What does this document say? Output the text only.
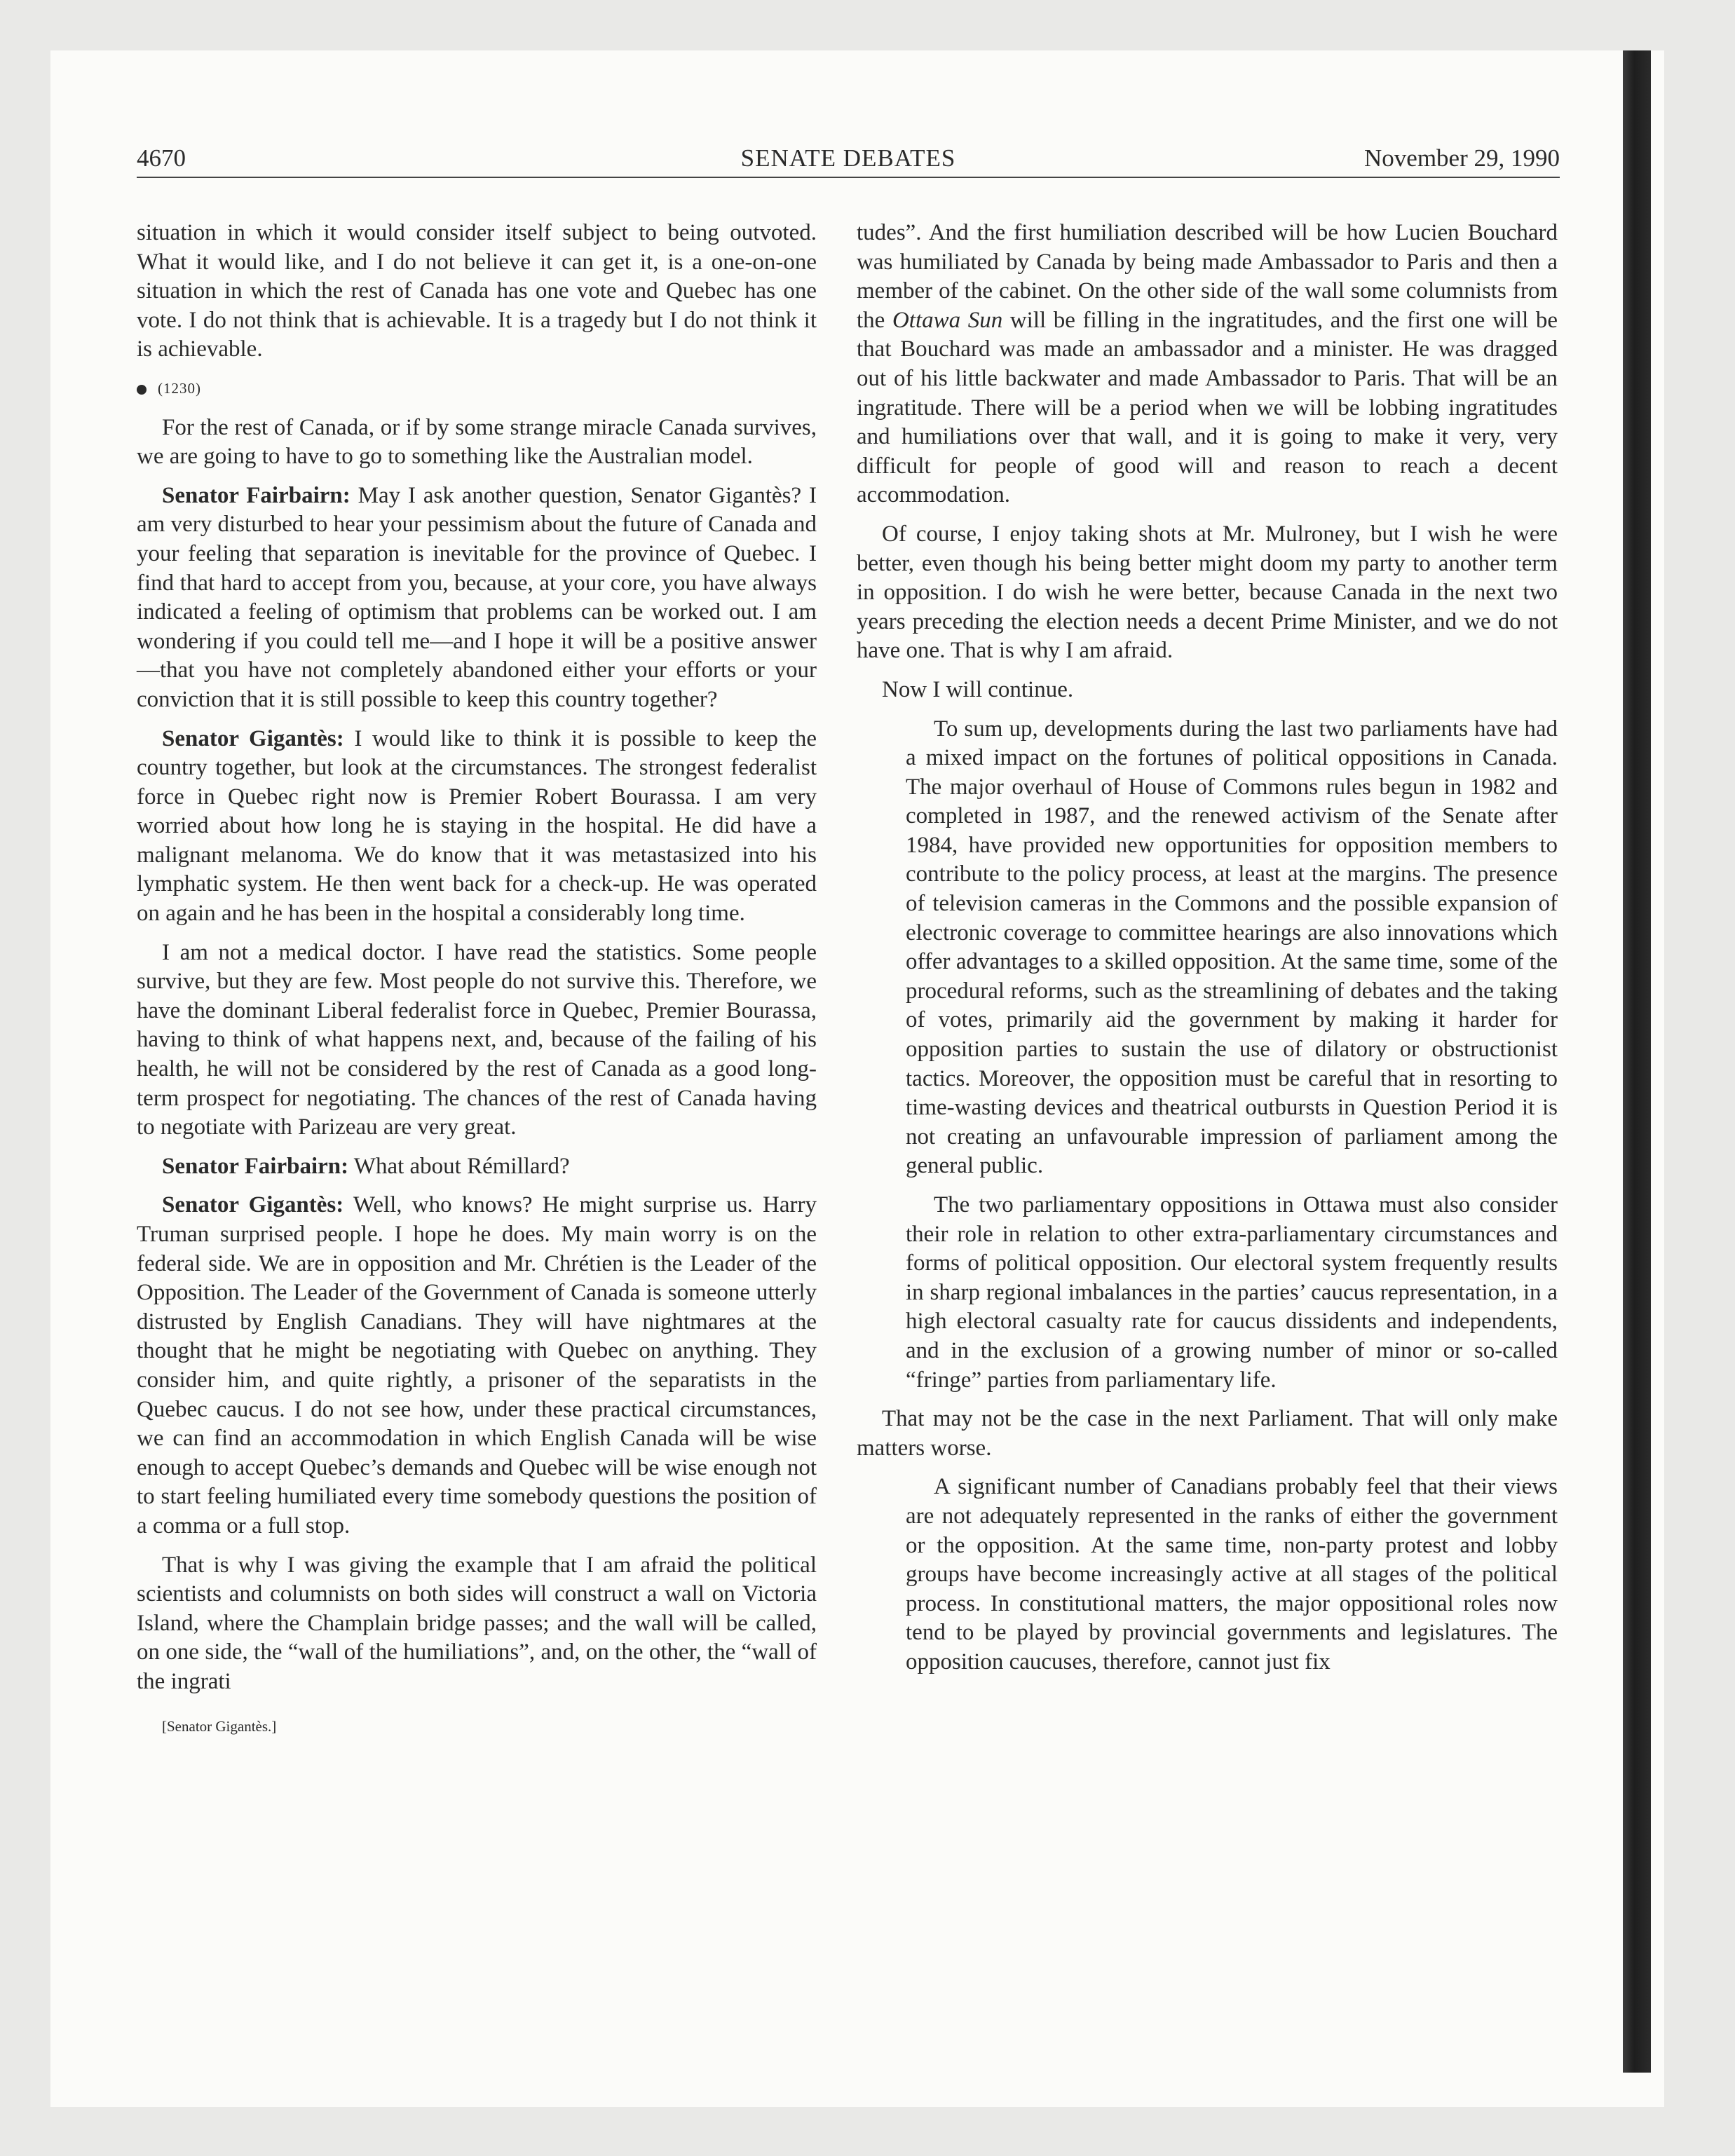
4670	SENATE DEBATES	November 29, 1990

situation in which it would consider itself subject to being outvoted. What it would like, and I do not believe it can get it, is a one-on-one situation in which the rest of Canada has one vote and Quebec has one vote. I do not think that is achievable. It is a tragedy but I do not think it is achievable.

(1230)

For the rest of Canada, or if by some strange miracle Canada survives, we are going to have to go to something like the Australian model.

Senator Fairbairn: May I ask another question, Senator Gigantès? I am very disturbed to hear your pessimism about the future of Canada and your feeling that separation is inevitable for the province of Quebec. I find that hard to accept from you, because, at your core, you have always indicated a feeling of optimism that problems can be worked out. I am wondering if you could tell me—and I hope it will be a positive answer—that you have not completely abandoned either your efforts or your conviction that it is still possible to keep this country together?

Senator Gigantès: I would like to think it is possible to keep the country together, but look at the circumstances. The strongest federalist force in Quebec right now is Premier Robert Bourassa. I am very worried about how long he is staying in the hospital. He did have a malignant melanoma. We do know that it was metastasized into his lymphatic system. He then went back for a check-up. He was operated on again and he has been in the hospital a considerably long time.

I am not a medical doctor. I have read the statistics. Some people survive, but they are few. Most people do not survive this. Therefore, we have the dominant Liberal federalist force in Quebec, Premier Bourassa, having to think of what happens next, and, because of the failing of his health, he will not be considered by the rest of Canada as a good long-term prospect for negotiating. The chances of the rest of Canada having to negotiate with Parizeau are very great.

Senator Fairbairn: What about Rémillard?

Senator Gigantès: Well, who knows? He might surprise us. Harry Truman surprised people. I hope he does. My main worry is on the federal side. We are in opposition and Mr. Chrétien is the Leader of the Opposition. The Leader of the Government of Canada is someone utterly distrusted by English Canadians. They will have nightmares at the thought that he might be negotiating with Quebec on anything. They consider him, and quite rightly, a prisoner of the separatists in the Quebec caucus. I do not see how, under these practical circumstances, we can find an accommodation in which English Canada will be wise enough to accept Quebec’s demands and Quebec will be wise enough not to start feeling humiliated every time somebody questions the position of a comma or a full stop.

That is why I was giving the example that I am afraid the political scientists and columnists on both sides will construct a wall on Victoria Island, where the Champlain bridge passes; and the wall will be called, on one side, the “wall of the humiliations”, and, on the other, the “wall of the ingrati

[Senator Gigantès.]

tudes”. And the first humiliation described will be how Lucien Bouchard was humiliated by Canada by being made Ambassador to Paris and then a member of the cabinet. On the other side of the wall some columnists from the Ottawa Sun will be filling in the ingratitudes, and the first one will be that Bouchard was made an ambassador and a minister. He was dragged out of his little backwater and made Ambassador to Paris. That will be an ingratitude. There will be a period when we will be lobbing ingratitudes and humiliations over that wall, and it is going to make it very, very difficult for people of good will and reason to reach a decent accommodation.

Of course, I enjoy taking shots at Mr. Mulroney, but I wish he were better, even though his being better might doom my party to another term in opposition. I do wish he were better, because Canada in the next two years preceding the election needs a decent Prime Minister, and we do not have one. That is why I am afraid.

Now I will continue.

To sum up, developments during the last two parliaments have had a mixed impact on the fortunes of political oppositions in Canada. The major overhaul of House of Commons rules begun in 1982 and completed in 1987, and the renewed activism of the Senate after 1984, have provided new opportunities for opposition members to contribute to the policy process, at least at the margins. The presence of television cameras in the Commons and the possible expansion of electronic coverage to committee hearings are also innovations which offer advantages to a skilled opposition. At the same time, some of the procedural reforms, such as the streamlining of debates and the taking of votes, primarily aid the government by making it harder for opposition parties to sustain the use of dilatory or obstructionist tactics. Moreover, the opposition must be careful that in resorting to time-wasting devices and theatrical outbursts in Question Period it is not creating an unfavourable impression of parliament among the general public.

The two parliamentary oppositions in Ottawa must also consider their role in relation to other extra-parliamentary circumstances and forms of political opposition. Our electoral system frequently results in sharp regional imbalances in the parties’ caucus representation, in a high electoral casualty rate for caucus dissidents and independents, and in the exclusion of a growing number of minor or so-called “fringe” parties from parliamentary life.

That may not be the case in the next Parliament. That will only make matters worse.

A significant number of Canadians probably feel that their views are not adequately represented in the ranks of either the government or the opposition. At the same time, non-party protest and lobby groups have become increasingly active at all stages of the political process. In constitutional matters, the major oppositional roles now tend to be played by provincial governments and legislatures. The opposition caucuses, therefore, cannot just fix
